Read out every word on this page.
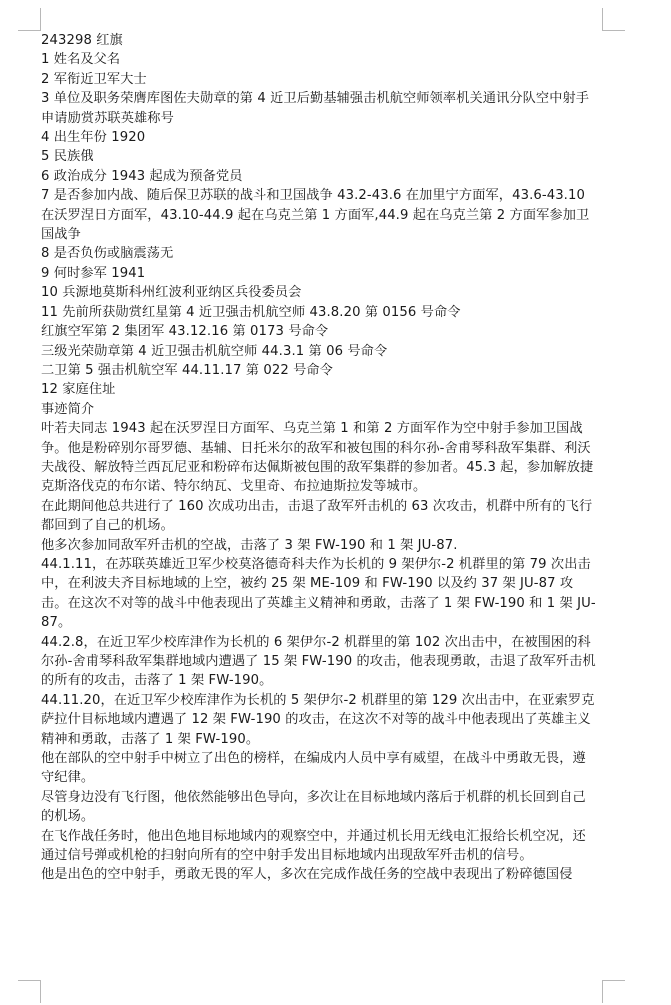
243298 红旗

1 姓名及父名

2 军衔近卫军大士

3 单位及职务荣膺库图佐夫勋章的第 4 近卫后勤基辅强击机航空师领率机关通讯分队空中射手

申请励赏苏联英雄称号

4 出生年份 1920

5 民族俄

6 政治成分 1943 起成为预备党员

7 是否参加内战、随后保卫苏联的战斗和卫国战争 43.2-43.6 在加里宁方面军，43.6-43.10 在沃罗涅日方面军，43.10-44.9 起在乌克兰第 1 方面军,44.9 起在乌克兰第 2 方面军参加卫国战争

8 是否负伤或脑震荡无

9 何时参军 1941

10 兵源地莫斯科州红波利亚纳区兵役委员会

11 先前所获勋赏红星第 4 近卫强击机航空师 43.8.20 第 0156 号命令

红旗空军第 2 集团军 43.12.16 第 0173 号命令

三级光荣勋章第 4 近卫强击机航空师 44.3.1 第 06 号命令

二卫第 5 强击机航空军 44.11.17 第 022 号命令

12 家庭住址

事迹简介

叶若夫同志 1943 起在沃罗涅日方面军、乌克兰第 1 和第 2 方面军作为空中射手参加卫国战争。他是粉碎别尔哥罗德、基辅、日托米尔的敌军和被包围的科尔孙-舍甫琴科敌军集群、利沃夫战役、解放特兰西瓦尼亚和粉碎布达佩斯被包围的敌军集群的参加者。45.3 起，参加解放捷克斯洛伐克的布尔诺、特尔纳瓦、戈里奇、布拉迪斯拉发等城市。

在此期间他总共进行了 160 次成功出击，击退了敌军歼击机的 63 次攻击，机群中所有的飞行都回到了自己的机场。

他多次参加同敌军歼击机的空战，击落了 3 架 FW-190 和 1 架 JU-87.

44.1.11，在苏联英雄近卫军少校莫洛德奇科夫作为长机的 9 架伊尔-2 机群里的第 79 次出击中，在利波夫齐目标地域的上空，被约 25 架 ME-109 和 FW-190 以及约 37 架 JU-87 攻击。在这次不对等的战斗中他表现出了英雄主义精神和勇敢，击落了 1 架 FW-190 和 1 架 JU-87。

44.2.8，在近卫军少校库津作为长机的 6 架伊尔-2 机群里的第 102 次出击中，在被围困的科尔孙-舍甫琴科敌军集群地域内遭遇了 15 架 FW-190 的攻击，他表现勇敢，击退了敌军歼击机的所有的攻击，击落了 1 架 FW-190。

44.11.20，在近卫军少校库津作为长机的 5 架伊尔-2 机群里的第 129 次出击中，在亚索罗克萨拉什目标地域内遭遇了 12 架 FW-190 的攻击，在这次不对等的战斗中他表现出了英雄主义精神和勇敢，击落了 1 架 FW-190。

他在部队的空中射手中树立了出色的榜样，在编成内人员中享有威望，在战斗中勇敢无畏，遵守纪律。

尽管身边没有飞行图，他依然能够出色导向，多次让在目标地域内落后于机群的机长回到自己的机场。

在飞作战任务时，他出色地目标地域内的观察空中，并通过机长用无线电汇报给长机空况，还通过信号弹或机枪的扫射向所有的空中射手发出目标地域内出现敌军歼击机的信号。

他是出色的空中射手，勇敢无畏的军人，多次在完成作战任务的空战中表现出了粉碎德国侵
